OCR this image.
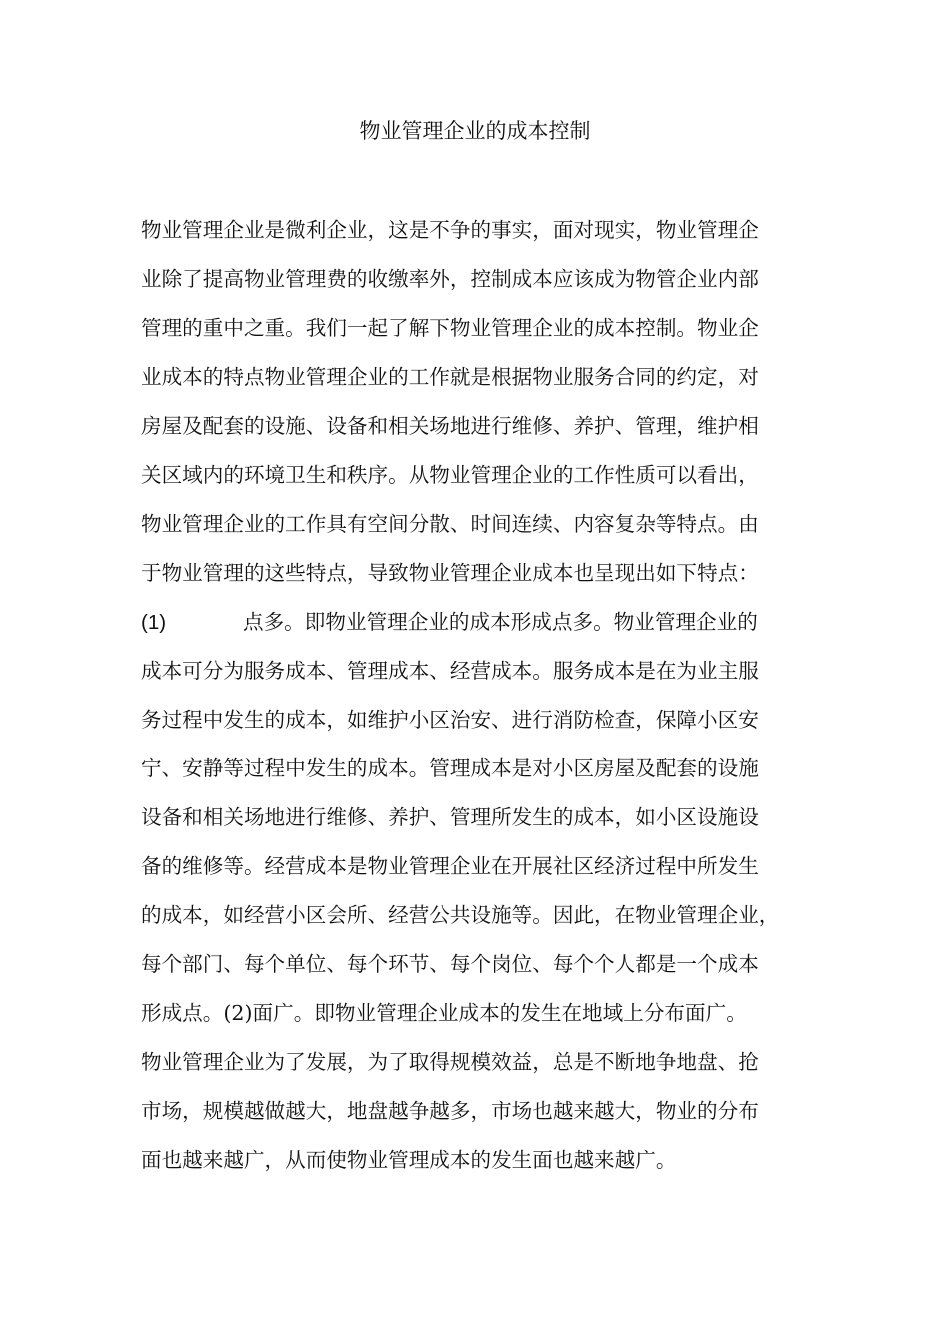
物业管理企业的成本控制
物业管理企业是微利企业，这是不争的事实，面对现实，物业管理企
业除了提高物业管理费的收缴率外，控制成本应该成为物管企业内部
管理的重中之重。我们一起了解下物业管理企业的成本控制。物业企
业成本的特点物业管理企业的工作就是根据物业服务合同的约定，对
房屋及配套的设施、设备和相关场地进行维修、养护、管理，维护相
关区域内的环境卫生和秩序。从物业管理企业的工作性质可以看出，
物业管理企业的工作具有空间分散、时间连续、内容复杂等特点。由
于物业管理的这些特点，导致物业管理企业成本也呈现出如下特点：
(1)	点多。即物业管理企业的成本形成点多。物业管理企业的
成本可分为服务成本、管理成本、经营成本。服务成本是在为业主服
务过程中发生的成本，如维护小区治安、进行消防检查，保障小区安
宁、安静等过程中发生的成本。管理成本是对小区房屋及配套的设施
设备和相关场地进行维修、养护、管理所发生的成本，如小区设施设
备的维修等。经营成本是物业管理企业在开展社区经济过程中所发生
的成本，如经营小区会所、经营公共设施等。因此，在物业管理企业，
每个部门、每个单位、每个环节、每个岗位、每个个人都是一个成本
形成点。(2)面广。即物业管理企业成本的发生在地域上分布面广。
物业管理企业为了发展，为了取得规模效益，总是不断地争地盘、抢
市场，规模越做越大，地盘越争越多，市场也越来越大，物业的分布
面也越来越广，从而使物业管理成本的发生面也越来越广。
